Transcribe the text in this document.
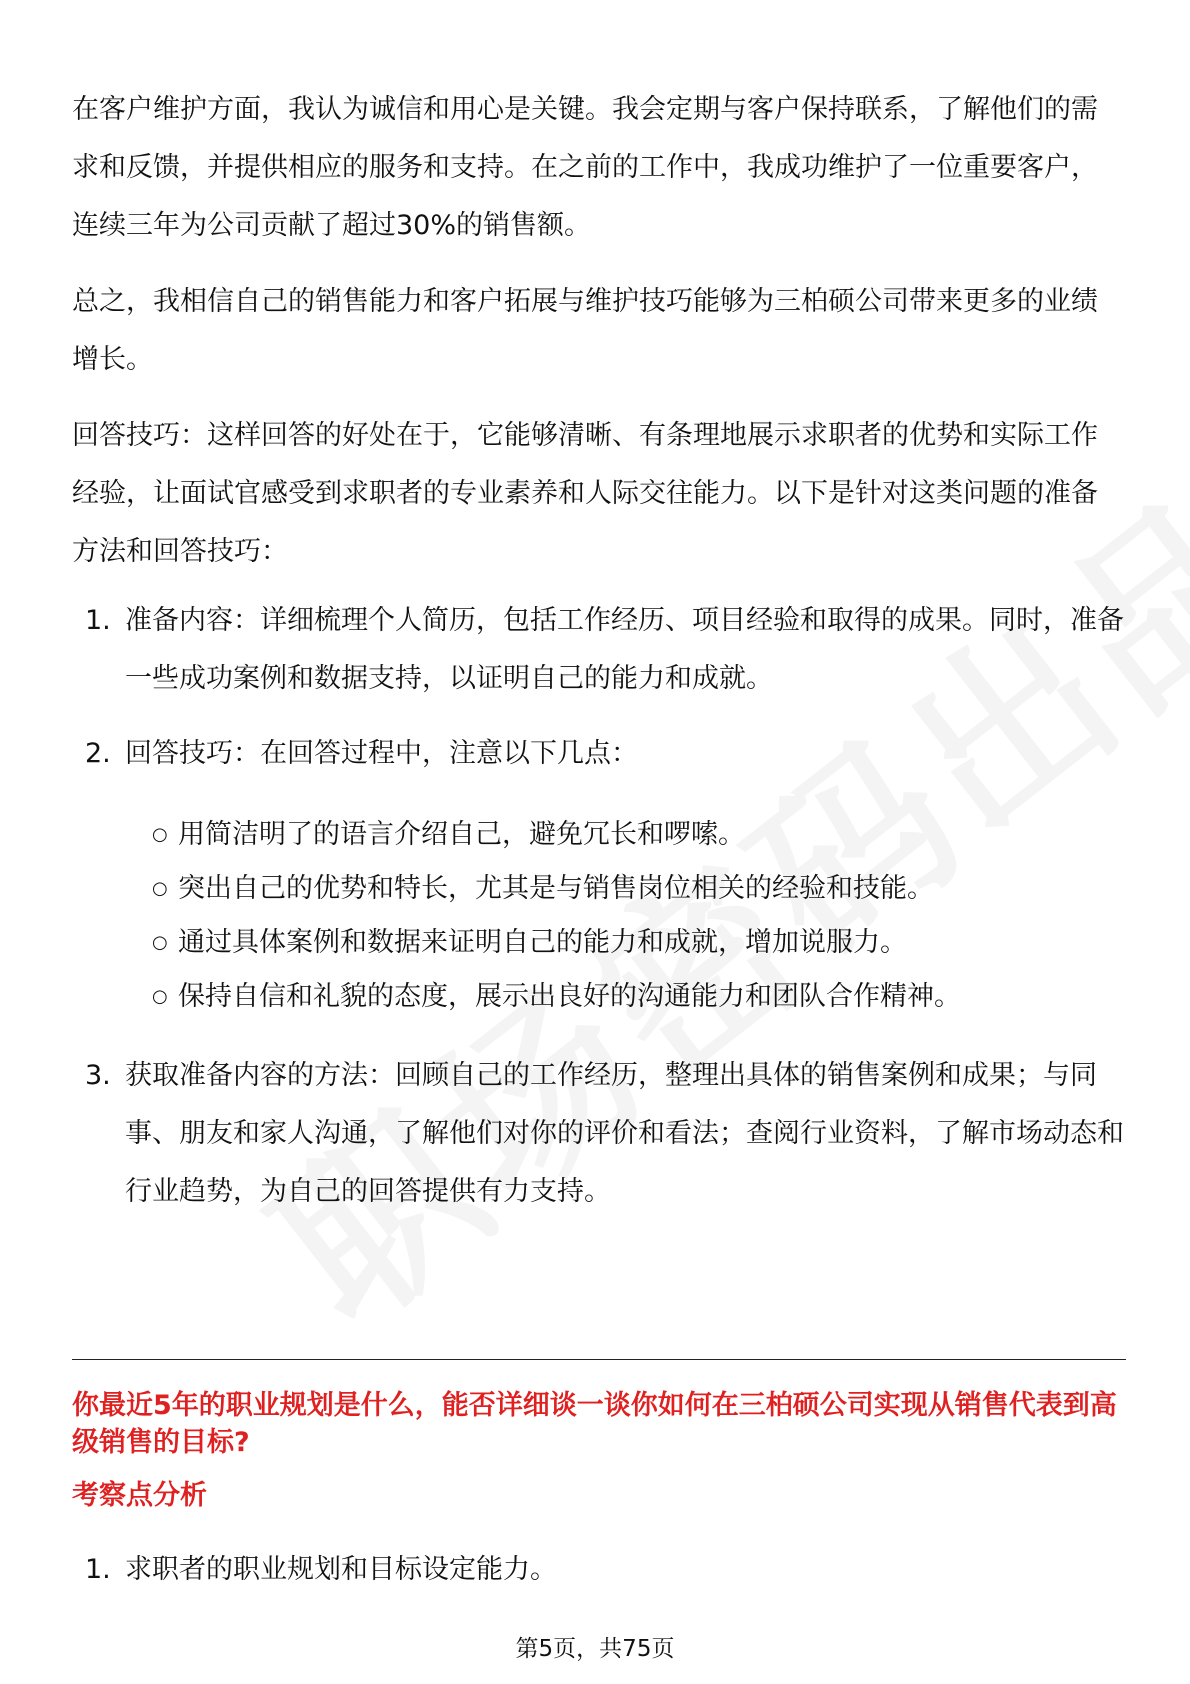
在客户维护方面，我认为诚信和用心是关键。我会定期与客户保持联系，了解他们的需求和反馈，并提供相应的服务和支持。在之前的工作中，我成功维护了一位重要客户，连续三年为公司贡献了超过30%的销售额。

总之，我相信自己的销售能力和客户拓展与维护技巧能够为三柏硕公司带来更多的业绩增长。

回答技巧：这样回答的好处在于，它能够清晰、有条理地展示求职者的优势和实际工作经验，让面试官感受到求职者的专业素养和人际交往能力。以下是针对这类问题的准备方法和回答技巧：

1. 准备内容：详细梳理个人简历，包括工作经历、项目经验和取得的成果。同时，准备一些成功案例和数据支持，以证明自己的能力和成就。
2. 回答技巧：在回答过程中，注意以下几点：
○ 用简洁明了的语言介绍自己，避免冗长和啰嗦。
○ 突出自己的优势和特长，尤其是与销售岗位相关的经验和技能。
○ 通过具体案例和数据来证明自己的能力和成就，增加说服力。
○ 保持自信和礼貌的态度，展示出良好的沟通能力和团队合作精神。
3. 获取准备内容的方法：回顾自己的工作经历，整理出具体的销售案例和成果；与同事、朋友和家人沟通，了解他们对你的评价和看法；查阅行业资料，了解市场动态和行业趋势，为自己的回答提供有力支持。
你最近5年的职业规划是什么，能否详细谈一谈你如何在三柏硕公司实现从销售代表到高级销售的目标?
考察点分析
1. 求职者的职业规划和目标设定能力。
第5页，共75页
